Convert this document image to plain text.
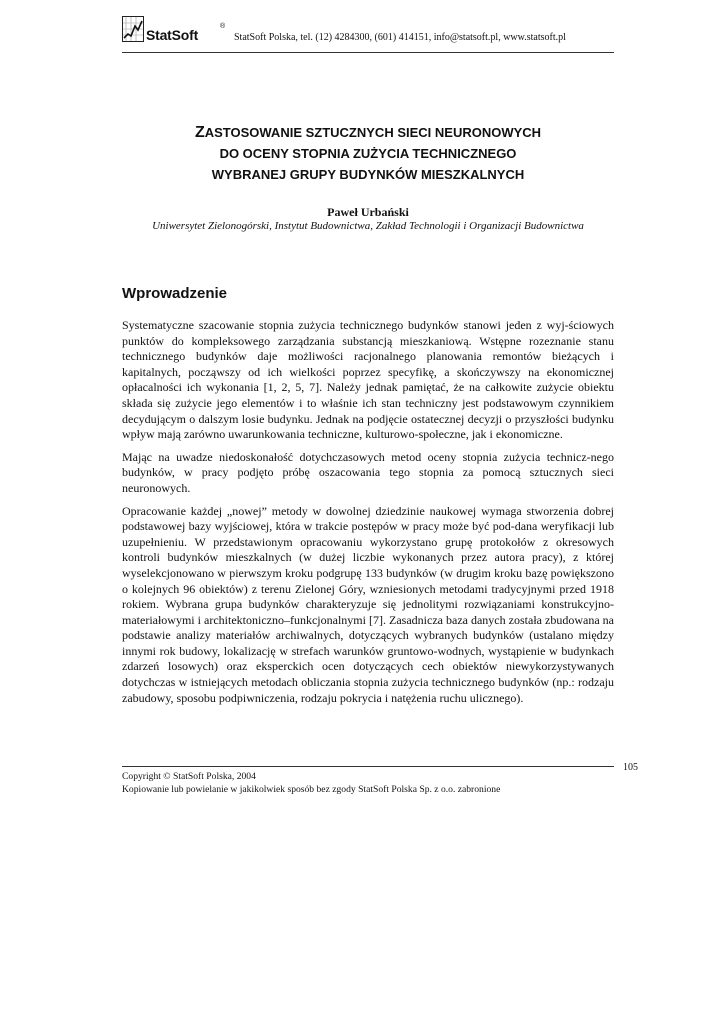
StatSoft
®
StatSoft Polska, tel. (12) 4284300, (601) 414151, info@statsoft.pl, www.statsoft.pl
ZASTOSOWANIE SZTUCZNYCH SIECI NEURONOWYCH
DO OCENY STOPNIA ZUŻYCIA TECHNICZNEGO
WYBRANEJ GRUPY BUDYNKÓW MIESZKALNYCH
Paweł Urbański
Uniwersytet Zielonogórski, Instytut Budownictwa, Zakład Technologii i Organizacji Budownictwa
Wprowadzenie

Systematyczne szacowanie stopnia zużycia technicznego budynków stanowi jeden z wyj-ściowych punktów do kompleksowego zarządzania substancją mieszkaniową. Wstępne rozeznanie stanu technicznego budynków daje możliwości racjonalnego planowania remontów bieżących i kapitalnych, począwszy od ich wielkości poprzez specyfikę, a skończywszy na ekonomicznej opłacalności ich wykonania [1, 2, 5, 7]. Należy jednak pamiętać, że na całkowite zużycie obiektu składa się zużycie jego elementów i to właśnie ich stan techniczny jest podstawowym czynnikiem decydującym o dalszym losie budynku. Jednak na podjęcie ostatecznej decyzji o przyszłości budynku wpływ mają zarówno uwarunkowania techniczne, kulturowo-społeczne, jak i ekonomiczne.

Mając na uwadze niedoskonałość dotychczasowych metod oceny stopnia zużycia technicz-nego budynków, w pracy podjęto próbę oszacowania tego stopnia za pomocą sztucznych sieci neuronowych.

Opracowanie każdej „nowej” metody w dowolnej dziedzinie naukowej wymaga stworzenia dobrej podstawowej bazy wyjściowej, która w trakcie postępów w pracy może być pod-dana weryfikacji lub uzupełnieniu. W przedstawionym opracowaniu wykorzystano grupę protokołów z okresowych kontroli budynków mieszkalnych (w dużej liczbie wykonanych przez autora pracy), z której wyselekcjonowano w pierwszym kroku podgrupę 133 budynków (w drugim kroku bazę powiększono o kolejnych 96 obiektów) z terenu Zielonej Góry, wzniesionych metodami tradycyjnymi przed 1918 rokiem. Wybrana grupa budynków charakteryzuje się jednolitymi rozwiązaniami konstrukcyjno-materiałowymi i architektoniczno–funkcjonalnymi [7]. Zasadnicza baza danych została zbudowana na podstawie analizy materiałów archiwalnych, dotyczących wybranych budynków (ustalano między innymi rok budowy, lokalizację w strefach warunków gruntowo-wodnych, wystąpienie w budynkach zdarzeń losowych) oraz eksperckich ocen dotyczących cech obiektów niewykorzystywanych dotychczas w istniejących metodach obliczania stopnia zużycia technicznego budynków (np.: rodzaju zabudowy, sposobu podpiwniczenia, rodzaju pokrycia i natężenia ruchu ulicznego).

105
Copyright © StatSoft Polska, 2004
Kopiowanie lub powielanie w jakikolwiek sposób bez zgody StatSoft Polska Sp. z o.o. zabronione
